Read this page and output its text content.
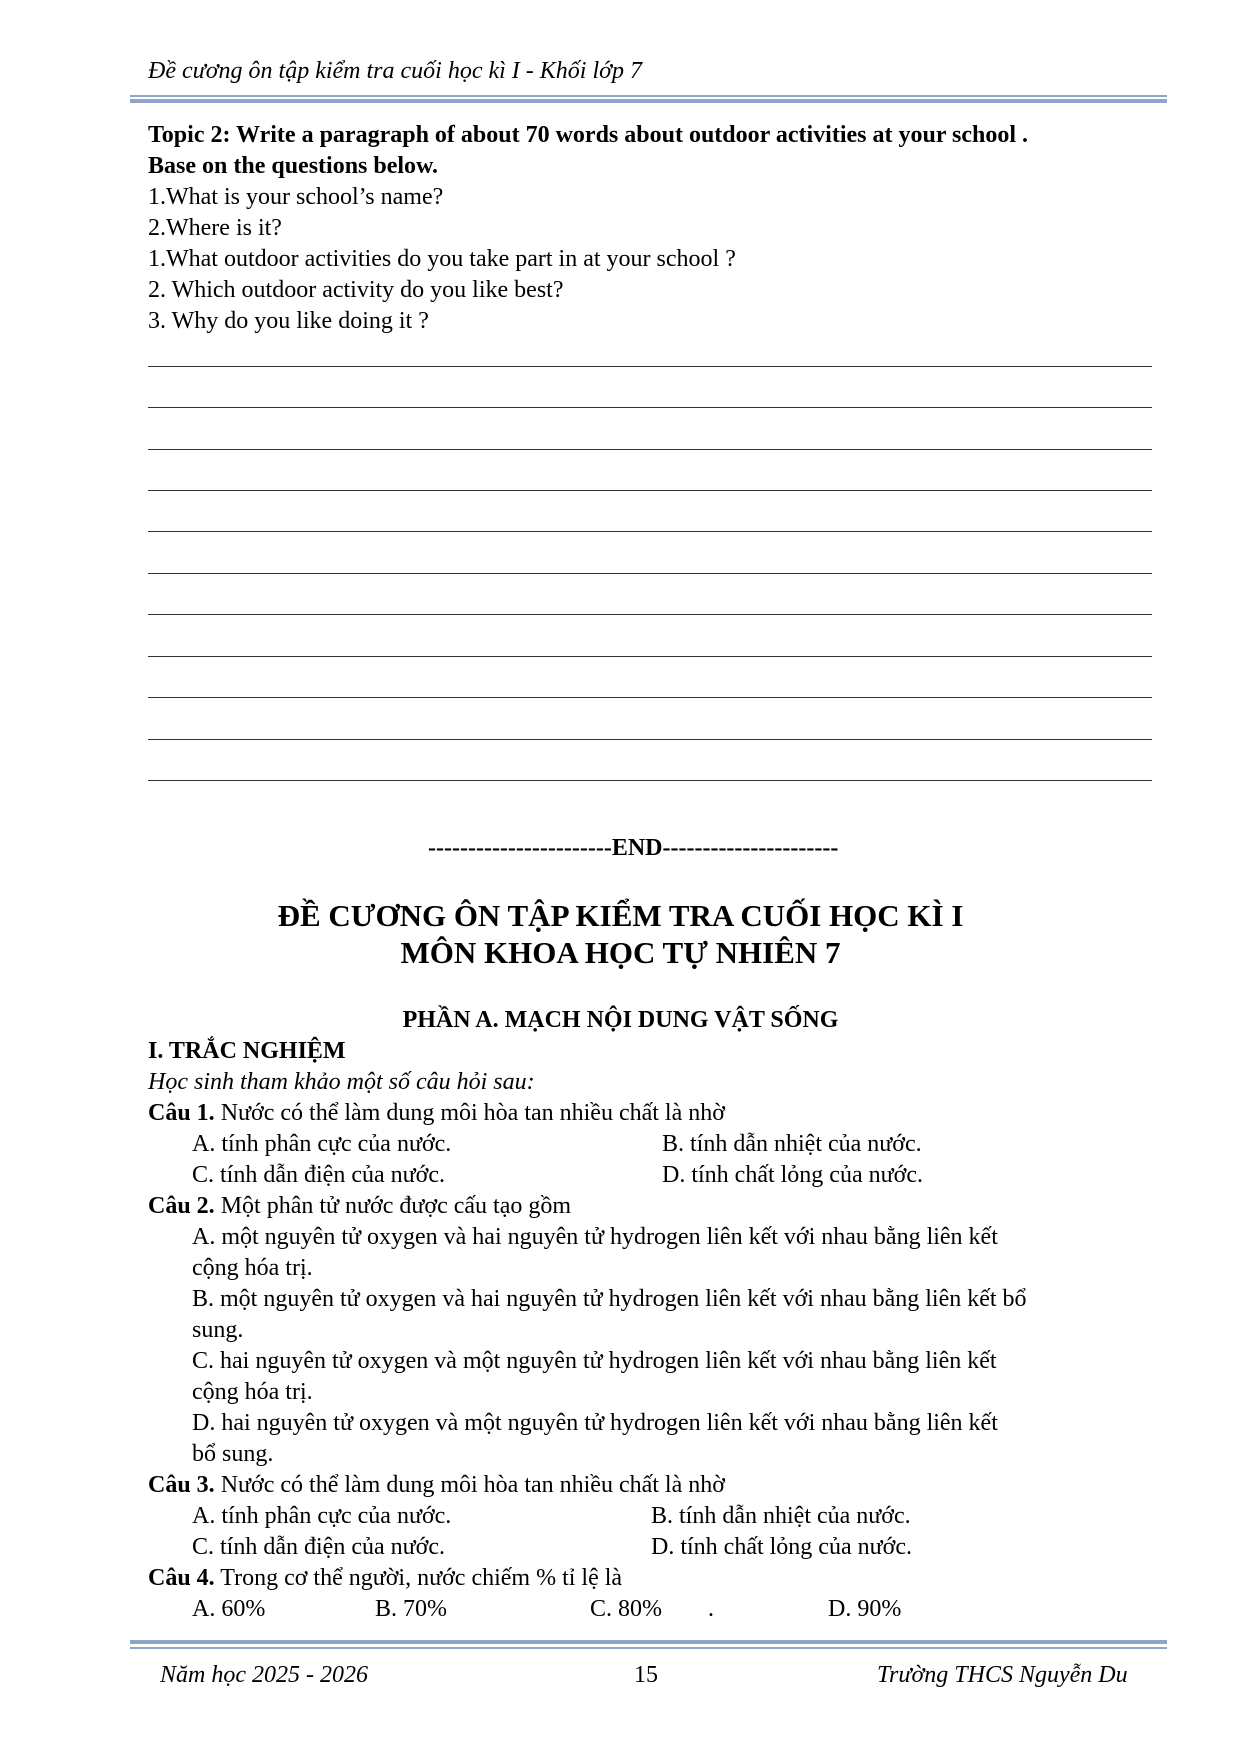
Đề cương ôn tập kiểm tra cuối học kì I - Khối lớp 7
Topic 2: Write a paragraph of about 70 words about outdoor activities at your school .
Base on the questions below.
1.What is your school’s name?
2.Where is it?
1.What outdoor activities do you take part in at your school ?
2. Which outdoor activity do you like best?
3. Why do you like doing it ?
-----------------------END----------------------
ĐỀ CƯƠNG ÔN TẬP KIỂM TRA CUỐI HỌC KÌ I
MÔN KHOA HỌC TỰ NHIÊN 7
PHẦN A. MẠCH NỘI DUNG VẬT SỐNG
I. TRẮC NGHIỆM
Học sinh tham khảo một số câu hỏi sau:
Câu 1. Nước có thể làm dung môi hòa tan nhiều chất là nhờ
A. tính phân cực của nước.	B. tính dẫn nhiệt của nước.
C. tính dẫn điện của nước.	D. tính chất lỏng của nước.
Câu 2. Một phân tử nước được cấu tạo gồm
A. một nguyên tử oxygen và hai nguyên tử hydrogen liên kết với nhau bằng liên kết
cộng hóa trị.
B. một nguyên tử oxygen và hai nguyên tử hydrogen liên kết với nhau bằng liên kết bổ
sung.
C. hai nguyên tử oxygen và một nguyên tử hydrogen liên kết với nhau bằng liên kết
cộng hóa trị.
D. hai nguyên tử oxygen và một nguyên tử hydrogen liên kết với nhau bằng liên kết
bổ sung.
Câu 3. Nước có thể làm dung môi hòa tan nhiều chất là nhờ
A. tính phân cực của nước.	B. tính dẫn nhiệt của nước.
C. tính dẫn điện của nước.	D. tính chất lỏng của nước.
Câu 4. Trong cơ thể người, nước chiếm % tỉ lệ là
A. 60%	B. 70%	C. 80% .	D. 90%
Năm học 2025 - 2026	15	Trường THCS Nguyễn Du
